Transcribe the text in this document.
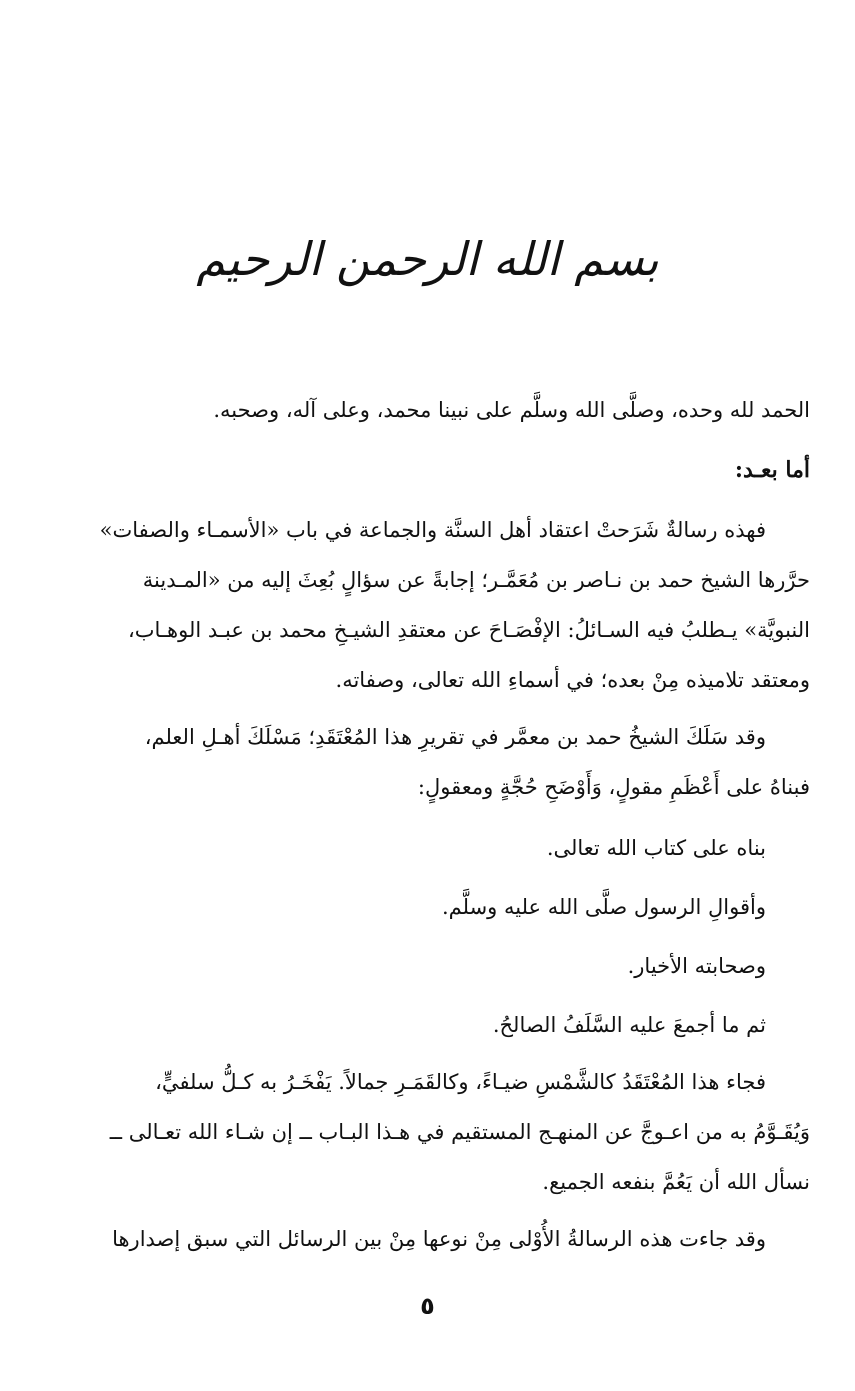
بسم الله الرحمن الرحيم
الحمد لله وحده، وصلَّى الله وسلَّم على نبينا محمد، وعلى آله، وصحبه.
أما بعـد:
فهذه رسالةٌ شَرَحتْ اعتقاد أهل السنَّة والجماعة في باب «الأسمـاء والصفات»
حرَّرها الشيخ حمد بن نـاصر بن مُعَمَّـر؛ إجابةً عن سؤالٍ بُعِثَ إليه من «المـدينة
النبويَّة» يـطلبُ فيه السـائلُ: الإفْصَـاحَ عن معتقدِ الشيـخِ محمد بن عبـد الوهـاب،
ومعتقد تلاميذه مِنْ بعده؛ في أسماءِ الله تعالى، وصفاته.
وقد سَلَكَ الشيخُ حمد بن معمَّر في تقريرِ هذا المُعْتَقَدِ؛ مَسْلَكَ أهـلِ العلم،
فبناهُ على أَعْظَمِ مقولٍ، وَأَوْضَحِ حُجَّةٍ ومعقولٍ:
بناه على كتاب الله تعالى.
وأقوالِ الرسول صلَّى الله عليه وسلَّم.
وصحابته الأخيار.
ثم ما أجمعَ عليه السَّلَفُ الصالحُ.
فجاء هذا المُعْتَقَدُ كالشَّمْسِ ضيـاءً، وكالقَمَـرِ جمالاً. يَفْخَـرُ به كـلُّ سلفيٍّ،
وَيُقَـوَّمُ به من اعـوجَّ عن المنهـج المستقيم في هـذا البـاب ــ إن شـاء الله تعـالى ــ
نسأل الله أن يَعُمَّ بنفعه الجميع.
وقد جاءت هذه الرسالةُ الأُوْلى مِنْ نوعها مِنْ بين الرسائل التي سبق إصدارها
٥
